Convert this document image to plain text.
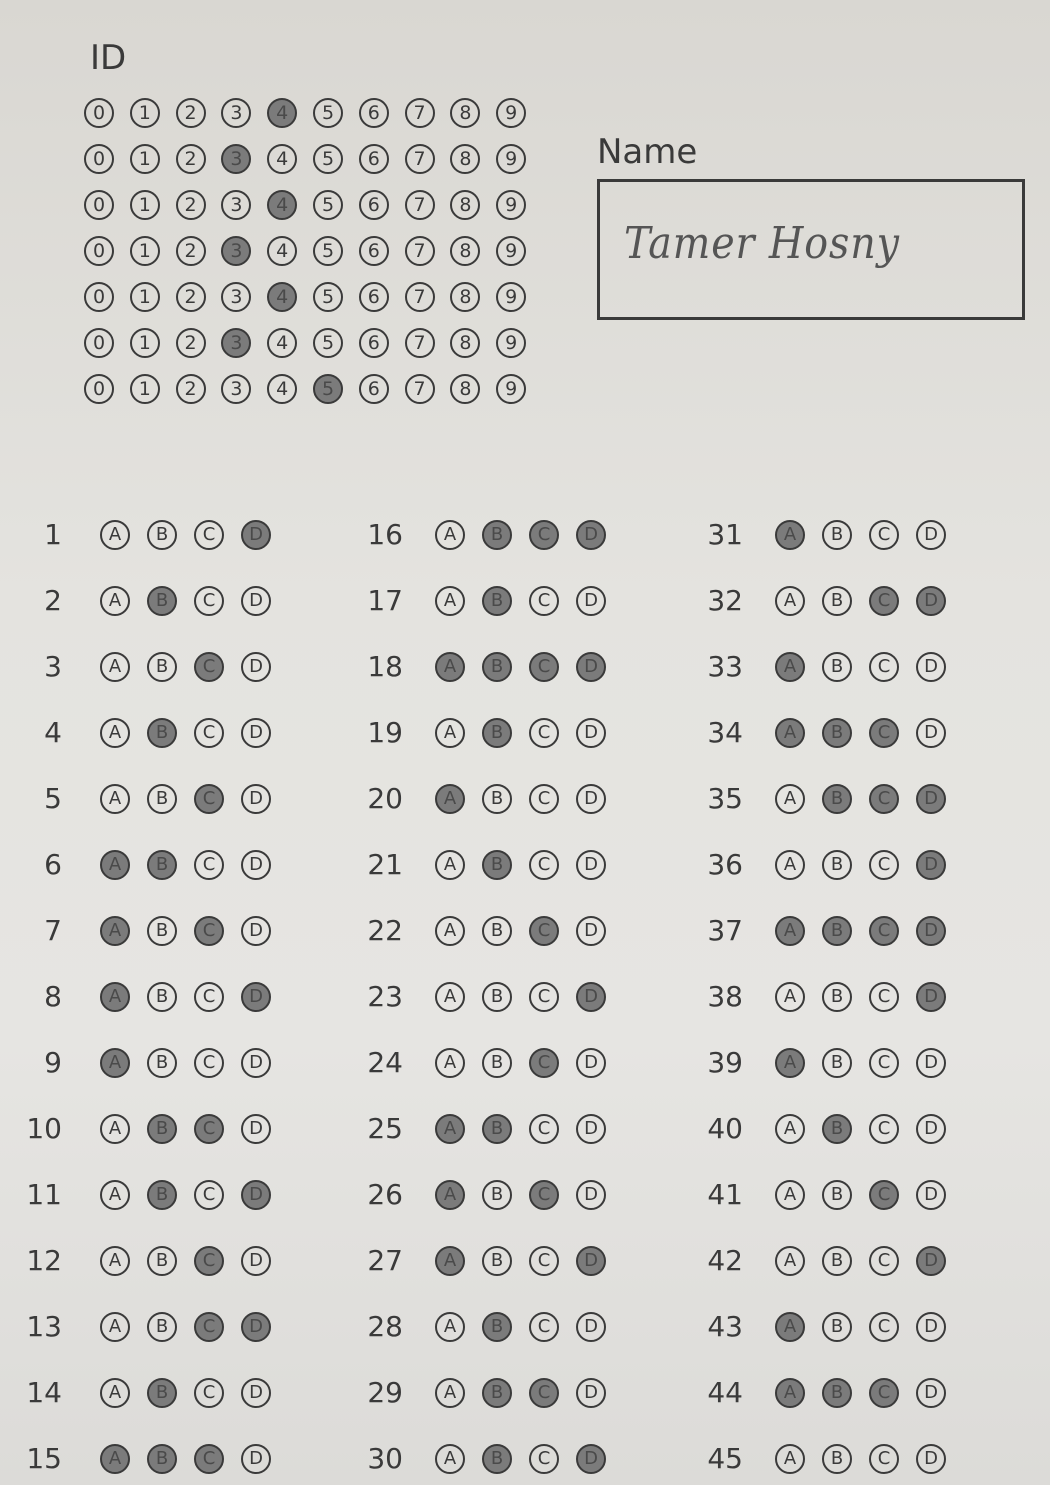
ID
0	1	2	3	4	5	6	7	8	9
0	1	2	3	4	5	6	7	8	9
0	1	2	3	4	5	6	7	8	9
0	1	2	3	4	5	6	7	8	9
0	1	2	3	4	5	6	7	8	9
0	1	2	3	4	5	6	7	8	9
0	1	2	3	4	5	6	7	8	9
Name
Tamer Hosny
1	A	B	C	D
2	A	B	C	D
3	A	B	C	D
4	A	B	C	D
5	A	B	C	D
6	A	B	C	D
7	A	B	C	D
8	A	B	C	D
9	A	B	C	D
10	A	B	C	D
11	A	B	C	D
12	A	B	C	D
13	A	B	C	D
14	A	B	C	D
15	A	B	C	D
16	A	B	C	D
17	A	B	C	D
18	A	B	C	D
19	A	B	C	D
20	A	B	C	D
21	A	B	C	D
22	A	B	C	D
23	A	B	C	D
24	A	B	C	D
25	A	B	C	D
26	A	B	C	D
27	A	B	C	D
28	A	B	C	D
29	A	B	C	D
30	A	B	C	D
31	A	B	C	D
32	A	B	C	D
33	A	B	C	D
34	A	B	C	D
35	A	B	C	D
36	A	B	C	D
37	A	B	C	D
38	A	B	C	D
39	A	B	C	D
40	A	B	C	D
41	A	B	C	D
42	A	B	C	D
43	A	B	C	D
44	A	B	C	D
45	A	B	C	D
